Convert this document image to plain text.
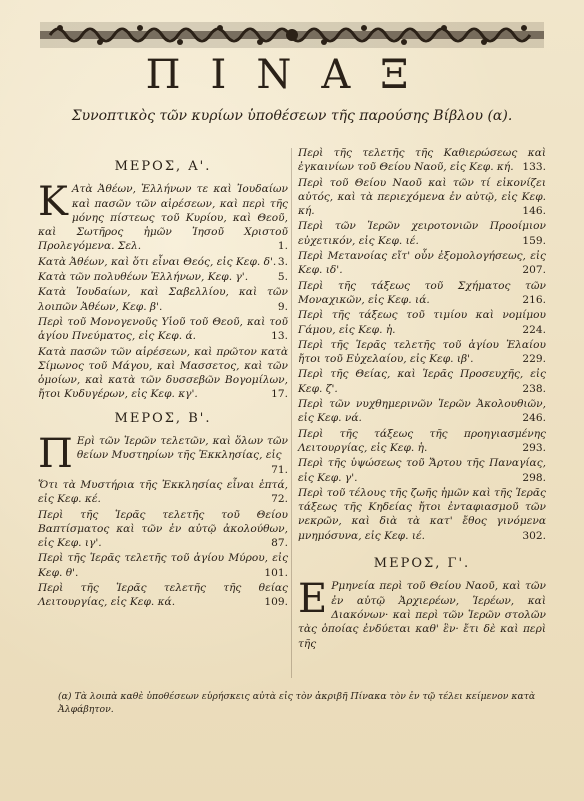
ΠΙΝΑΞ
Συνοπτικὸς τῶν κυρίων ὑποθέσεων τῆς παρούσης Βίβλου (α).
ΜΕΡΟΣ, Α'.
Κ Ατὰ Ἀθέων, Ἑλλήνων τε καὶ Ἰουδαίων καὶ πασῶν τῶν αἱρέσεων, καὶ περὶ τῆς μόνης πίστεως τοῦ Κυρίου, καὶ Θεοῦ, καὶ Σωτῆρος ἡμῶν Ἰησοῦ Χριστοῦ Προλεγόμενα. Σελ.	1.
Κατὰ Ἀθέων, καὶ ὅτι εἶναι Θεός, εἰς Κεφ. δ'. 3.
Κατὰ τῶν πολυθέων Ἑλλήνων, Κεφ. γ'.	5.
Κατὰ Ἰουδαίων, καὶ Σαβελλίου, καὶ τῶν λοιπῶν Ἀθέων, Κεφ. β'.	9.
Περὶ τοῦ Μονογενοῦς Υἱοῦ τοῦ Θεοῦ, καὶ τοῦ ἁγίου Πνεύματος, εἰς Κεφ. ά.	13.
Κατὰ πασῶν τῶν αἱρέσεων, καὶ πρῶτον κατὰ Σίμωνος τοῦ Μάγου, καὶ Μασσετος, καὶ τῶν ὁμοίων, καὶ κατὰ τῶν δυσσεβῶν Βογομίλων, ἤτοι Κυδυγέρων, εἰς Κεφ. κγ'.	17.
ΜΕΡΟΣ, Β'.
Π Ερὶ τῶν Ἱερῶν τελετῶν, καὶ ὅλων τῶν θείων Μυστηρίων τῆς Ἐκκλησίας, εἰς
71.
Ὅτι τὰ Μυστήρια τῆς Ἐκκλησίας εἶναι ἑπτά, εἰς Κεφ. κέ.	72.
Περὶ τῆς Ἱερᾶς τελετῆς τοῦ Θείου Βαπτίσματος καὶ τῶν ἐν αὐτῷ ἀκολούθων, εἰς Κεφ. ιγ'.	87.
Περὶ τῆς Ἱερᾶς τελετῆς τοῦ ἁγίου Μύρου, εἰς Κεφ. θ'.	101.
Περὶ τῆς Ἱερᾶς τελετῆς τῆς θείας Λειτουργίας, εἰς Κεφ. κά.	109.
Περὶ τῆς τελετῆς τῆς Καθιερώσεως καὶ ἐγκαινίων τοῦ Θείου Ναοῦ, εἰς Κεφ. κή. 133.
Περὶ τοῦ Θείου Ναοῦ καὶ τῶν τί εἰκονίζει αὐτός, καὶ τὰ περιεχόμενα ἐν αὐτῷ, εἰς Κεφ. κή.	146.
Περὶ τῶν Ἱερῶν χειροτονιῶν Προοίμιον εὐχετικόν, εἰς Κεφ. ιέ.	159.
Περὶ Μετανοίας εἴτ' οὖν ἐξομολογήσεως, εἰς Κεφ. ιδ'.	207.
Περὶ τῆς τάξεως τοῦ Σχήματος τῶν Μοναχικῶν, εἰς Κεφ. ιά.	216.
Περὶ τῆς τάξεως τοῦ τιμίου καὶ νομίμου Γάμου, εἰς Κεφ. ἡ.	224.
Περὶ τῆς Ἱερᾶς τελετῆς τοῦ ἁγίου Ἐλαίου ἤτοι τοῦ Εὐχελαίου, εἰς Κεφ. ιβ'.	229.
Περὶ τῆς Θείας, καὶ Ἱερᾶς Προσευχῆς, εἰς Κεφ. ζ'.	238.
Περὶ τῶν νυχθημερινῶν Ἱερῶν Ἀκολουθιῶν, εἰς Κεφ. νά.	246.
Περὶ τῆς τάξεως τῆς προηγιασμένης Λειτουργίας, εἰς Κεφ. ἡ.	293.
Περὶ τῆς ὑψώσεως τοῦ Ἄρτου τῆς Παναγίας, εἰς Κεφ. γ'.	298.
Περὶ τοῦ τέλους τῆς ζωῆς ἡμῶν καὶ τῆς Ἱερᾶς τάξεως τῆς Κηδείας ἤτοι ἐνταφιασμοῦ τῶν νεκρῶν, καὶ διὰ τὰ κατ' ἔθος γινόμενα μνημόσυνα, εἰς Κεφ. ιέ.	302.
ΜΕΡΟΣ, Γ'.
Ε Ρμηνεία περὶ τοῦ Θείου Ναοῦ, καὶ τῶν ἐν αὐτῷ Ἀρχιερέων, Ἱερέων, καὶ Διακόνων· καὶ περὶ τῶν Ἱερῶν στολῶν τὰς ὁποίας ἐνδύεται καθ' ἓν· ἔτι δὲ καὶ περὶ τῆς
(α) Τὰ λοιπὰ καθὲ ὑποθέσεων εὑρήσκεις αὐτὰ εἰς τὸν ἀκριβῆ Πίνακα τὸν ἐν τῷ τέλει κείμενον κατὰ Ἀλφάβητον.
